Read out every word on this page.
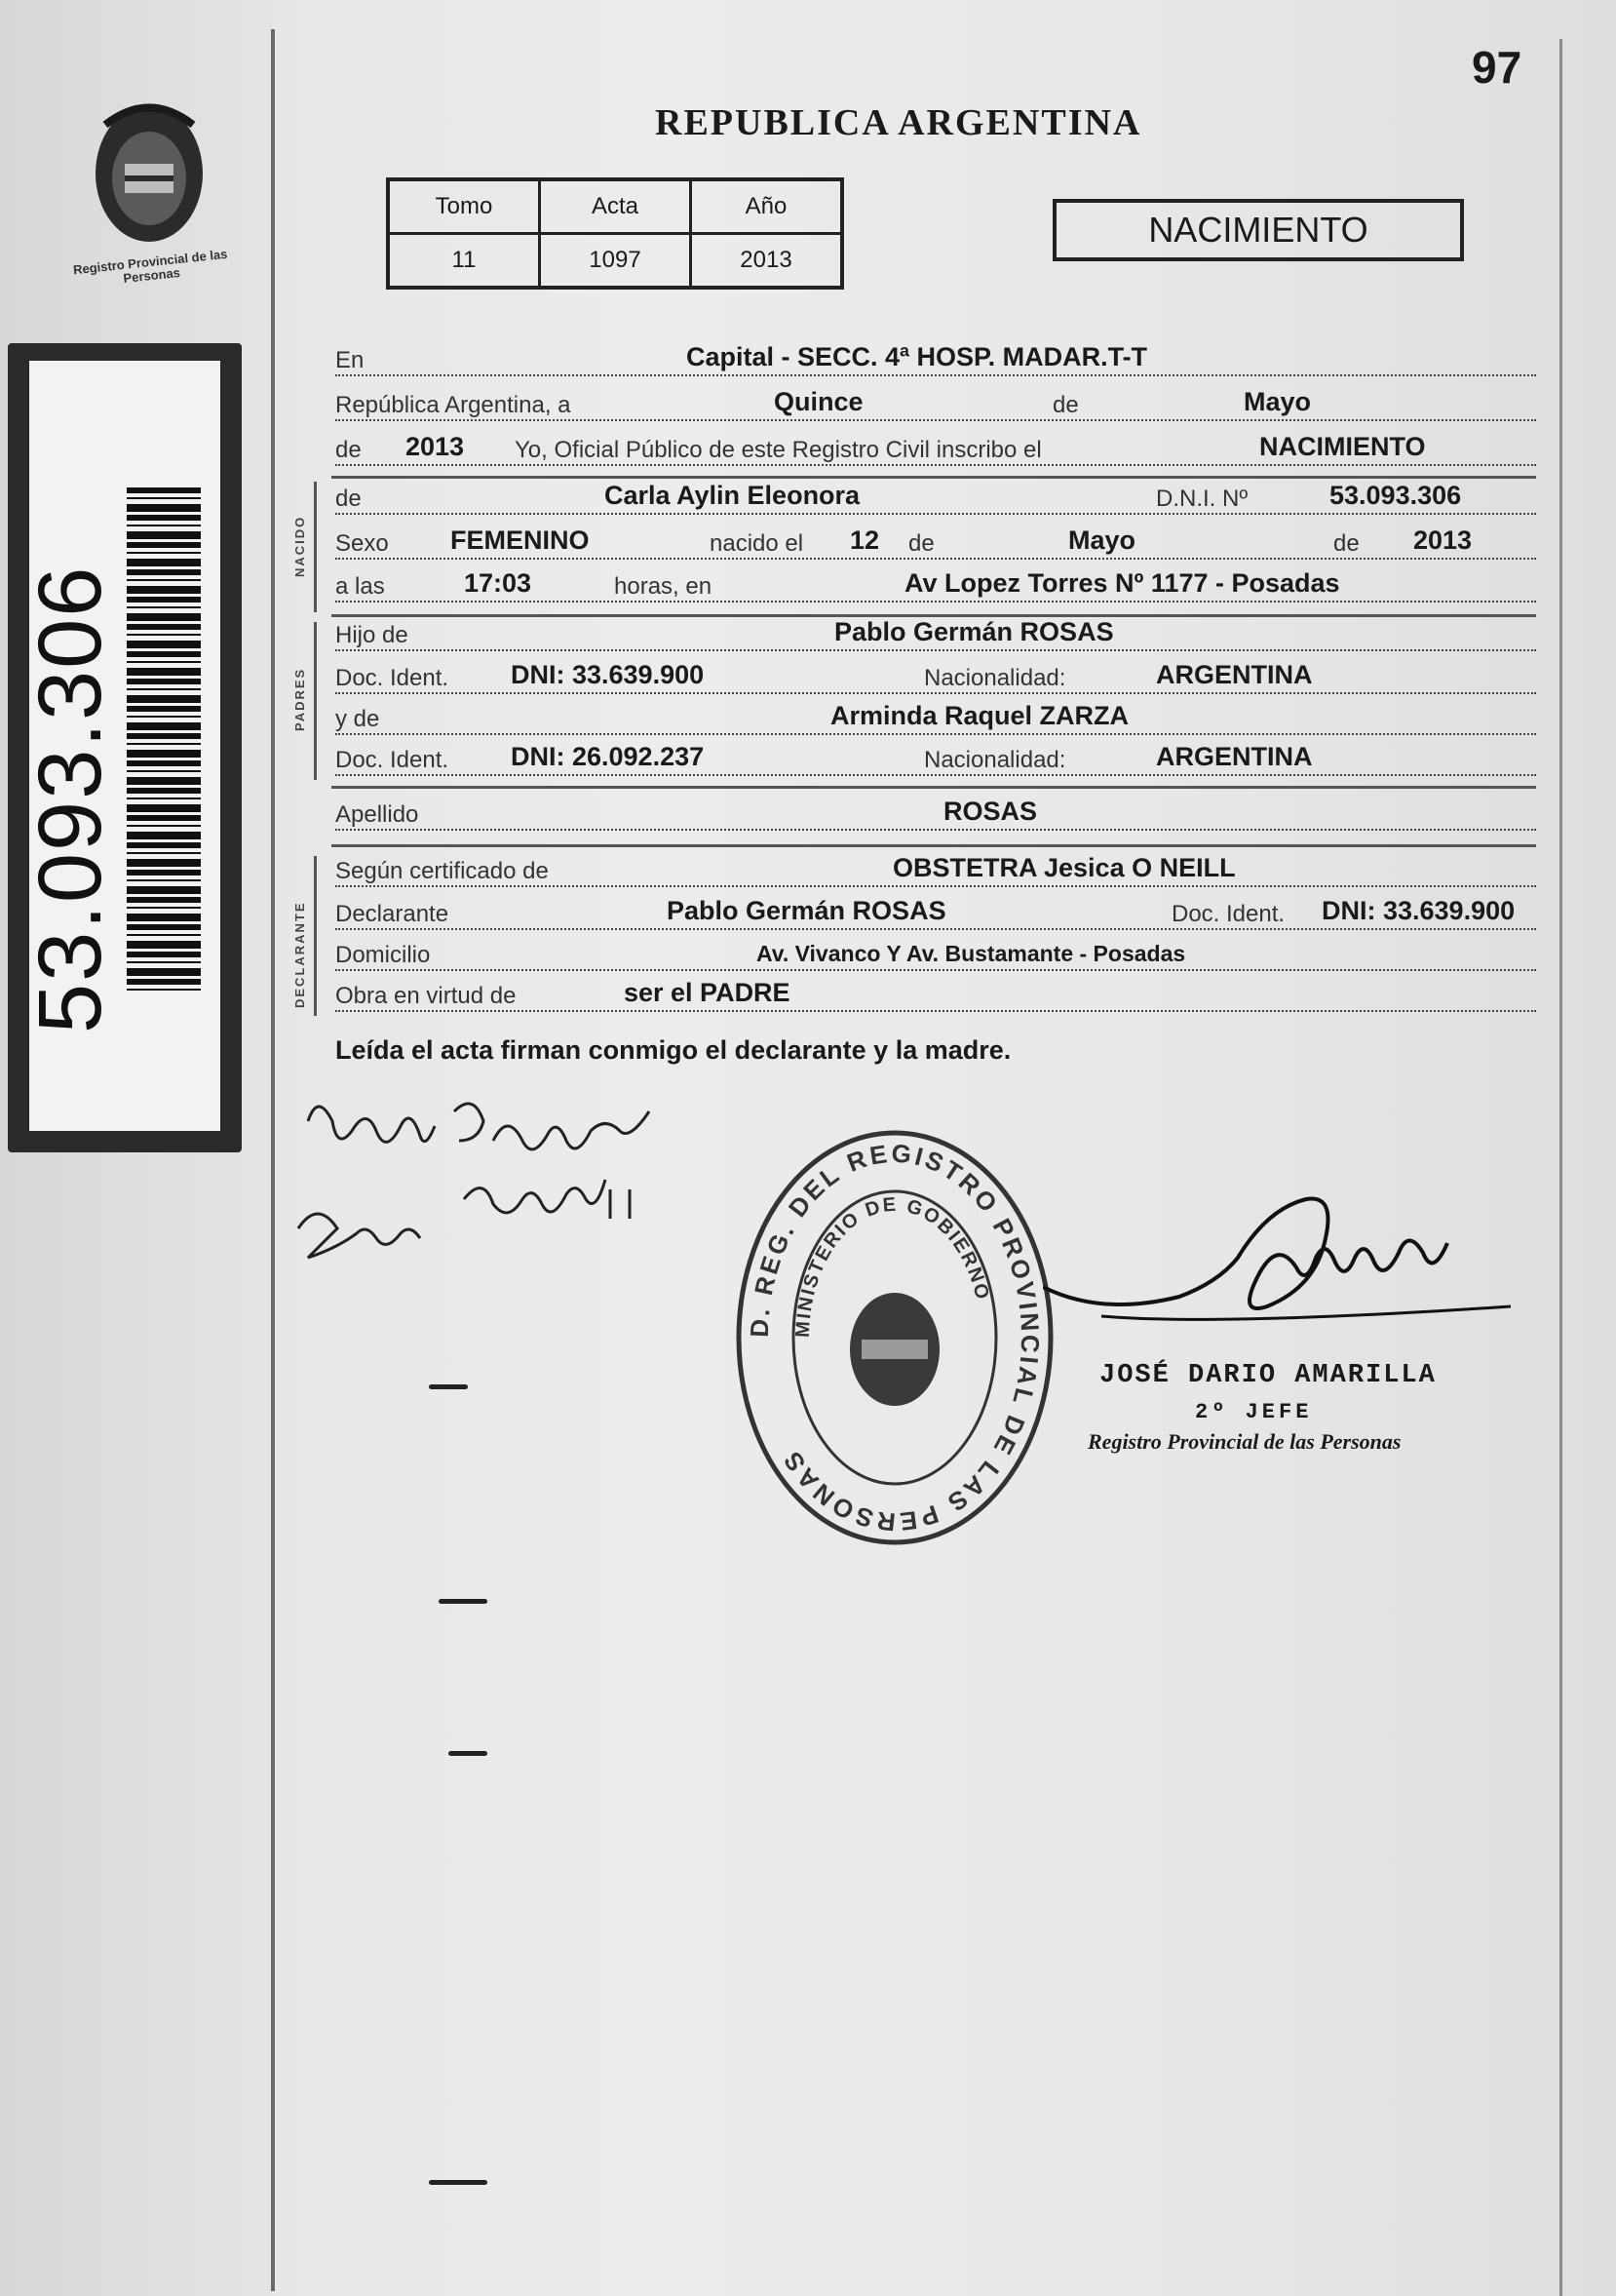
Registro Provincial de las Personas
53.093.306
97
REPUBLICA ARGENTINA
Tomo	Acta	Año
11	1097	2013
NACIMIENTO
En	Capital - SECC. 4ª HOSP. MADAR.T-T
República Argentina, a	Quince	de	Mayo
de 2013 Yo, Oficial Público de este Registro Civil inscribo el	NACIMIENTO
NACIDO
de	Carla Aylin Eleonora	D.N.I. Nº	53.093.306
Sexo FEMENINO	nacido el 12 de	Mayo	de 2013
a las	17:03	horas, en	Av Lopez Torres Nº 1177 - Posadas
PADRES
Hijo de	Pablo Germán ROSAS
Doc. Ident. DNI: 33.639.900	Nacionalidad:	ARGENTINA
y de	Arminda Raquel ZARZA
Doc. Ident. DNI: 26.092.237	Nacionalidad:	ARGENTINA
Apellido	ROSAS
DECLARANTE
Según certificado de	OBSTETRA Jesica O NEILL
Declarante	Pablo Germán ROSAS	Doc. Ident. DNI: 33.639.900
Domicilio	Av. Vivanco Y Av. Bustamante - Posadas
Obra en virtud de	ser el PADRE
Leída el acta firman conmigo el declarante y la madre.
D. REG. DEL REGISTRO PROVINCIAL DE LAS PERSONAS
MINISTERIO DE GOBIERNO
JOSÉ DARIO AMARILLA
2º JEFE
Registro Provincial de las Personas
